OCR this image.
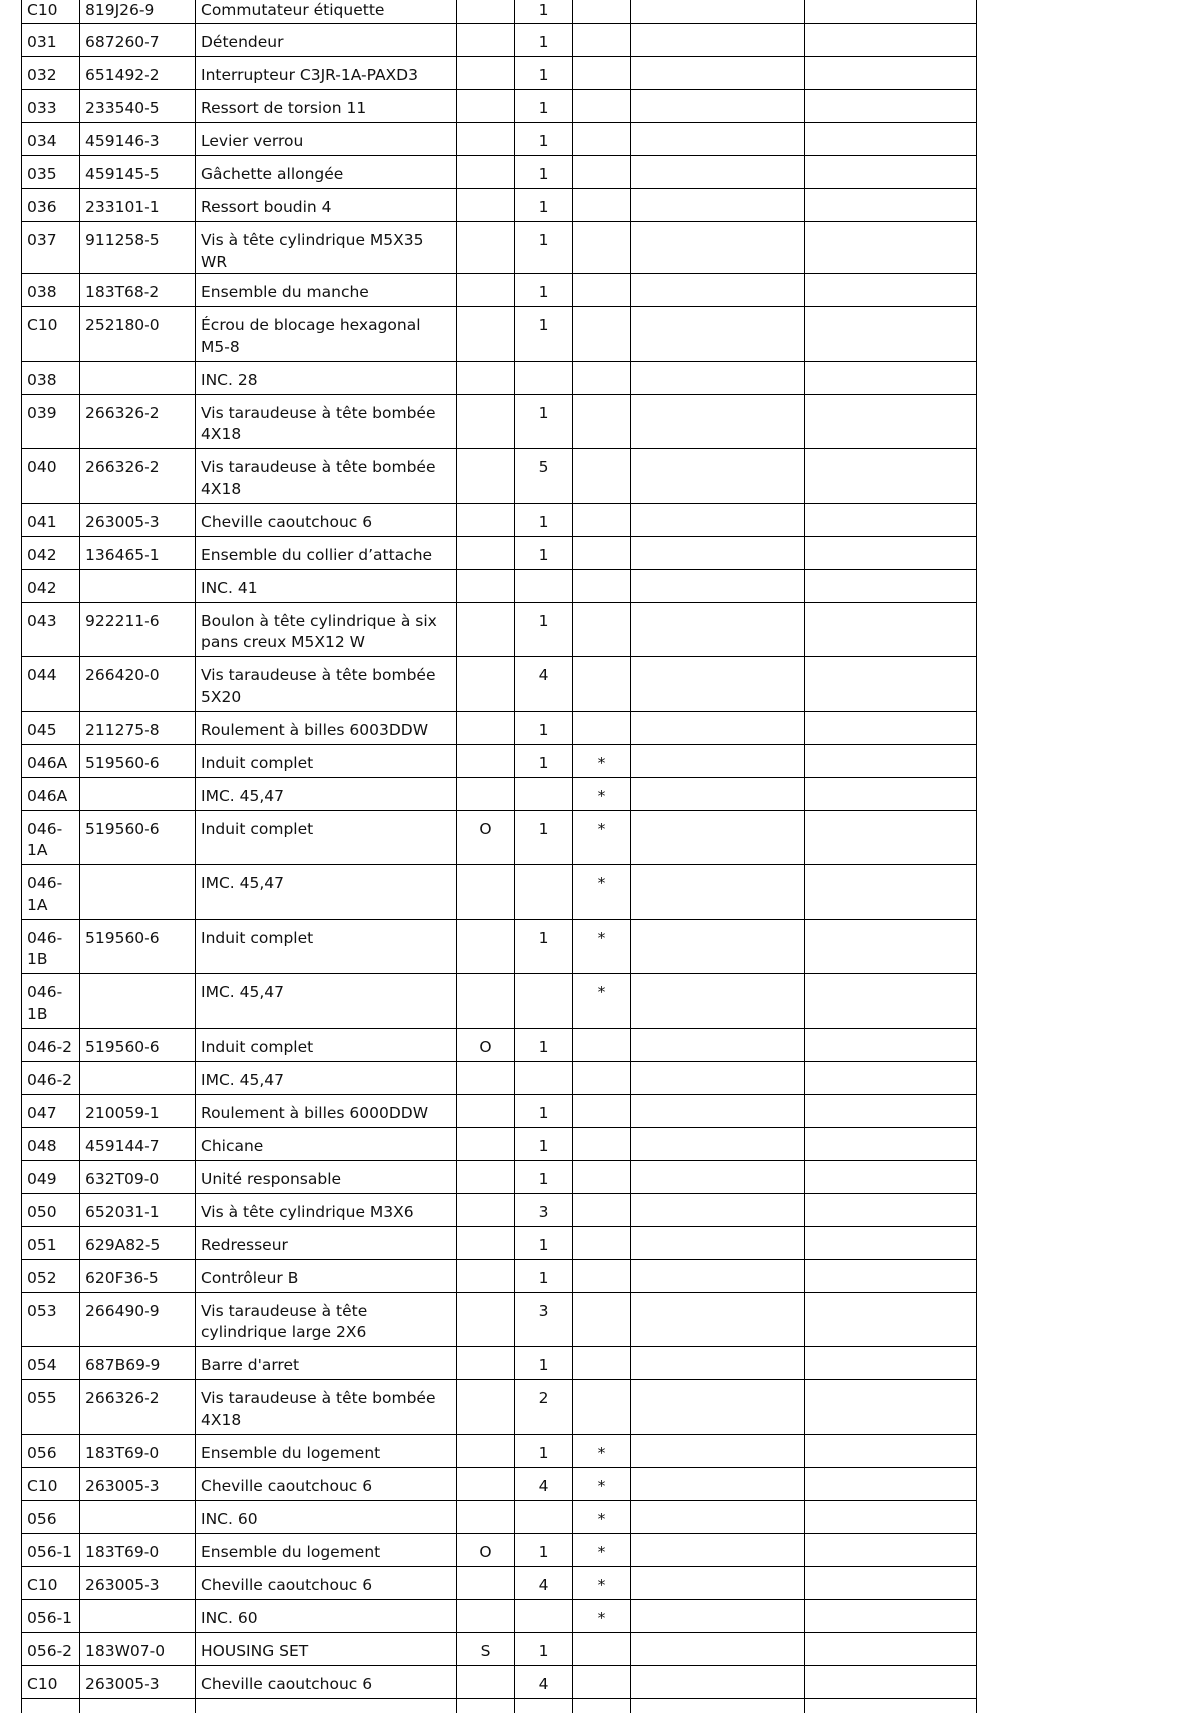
C10	819J26-9	Commutateur étiquette		1			
031	687260-7	Détendeur		1			
032	651492-2	Interrupteur C3JR-1A-PAXD3		1			
033	233540-5	Ressort de torsion 11		1			
034	459146-3	Levier verrou		1			
035	459145-5	Gâchette allongée		1			
036	233101-1	Ressort boudin 4		1			
037	911258-5	Vis à tête cylindrique M5X35 WR		1			
038	183T68-2	Ensemble du manche		1			
C10	252180-0	Écrou de blocage hexagonal M5-8		1			
038		INC. 28					
039	266326-2	Vis taraudeuse à tête bombée 4X18		1			
040	266326-2	Vis taraudeuse à tête bombée 4X18		5			
041	263005-3	Cheville caoutchouc 6		1			
042	136465-1	Ensemble du collier d’attache		1			
042		INC. 41					
043	922211-6	Boulon à tête cylindrique à six pans creux M5X12 W		1			
044	266420-0	Vis taraudeuse à tête bombée 5X20		4			
045	211275-8	Roulement à billes 6003DDW		1			
046A	519560-6	Induit complet		1	*		
046A		IMC. 45,47			*		
046-1A	519560-6	Induit complet	O	1	*		
046-1A		IMC. 45,47			*		
046-1B	519560-6	Induit complet		1	*		
046-1B		IMC. 45,47			*		
046-2	519560-6	Induit complet	O	1			
046-2		IMC. 45,47					
047	210059-1	Roulement à billes 6000DDW		1			
048	459144-7	Chicane		1			
049	632T09-0	Unité responsable		1			
050	652031-1	Vis à tête cylindrique M3X6		3			
051	629A82-5	Redresseur		1			
052	620F36-5	Contrôleur B		1			
053	266490-9	Vis taraudeuse à tête cylindrique large 2X6		3			
054	687B69-9	Barre d'arret		1			
055	266326-2	Vis taraudeuse à tête bombée 4X18		2			
056	183T69-0	Ensemble du logement		1	*		
C10	263005-3	Cheville caoutchouc 6		4	*		
056		INC. 60			*		
056-1	183T69-0	Ensemble du logement	O	1	*		
C10	263005-3	Cheville caoutchouc 6		4	*		
056-1		INC. 60			*		
056-2	183W07-0	HOUSING SET	S	1			
C10	263005-3	Cheville caoutchouc 6		4			
